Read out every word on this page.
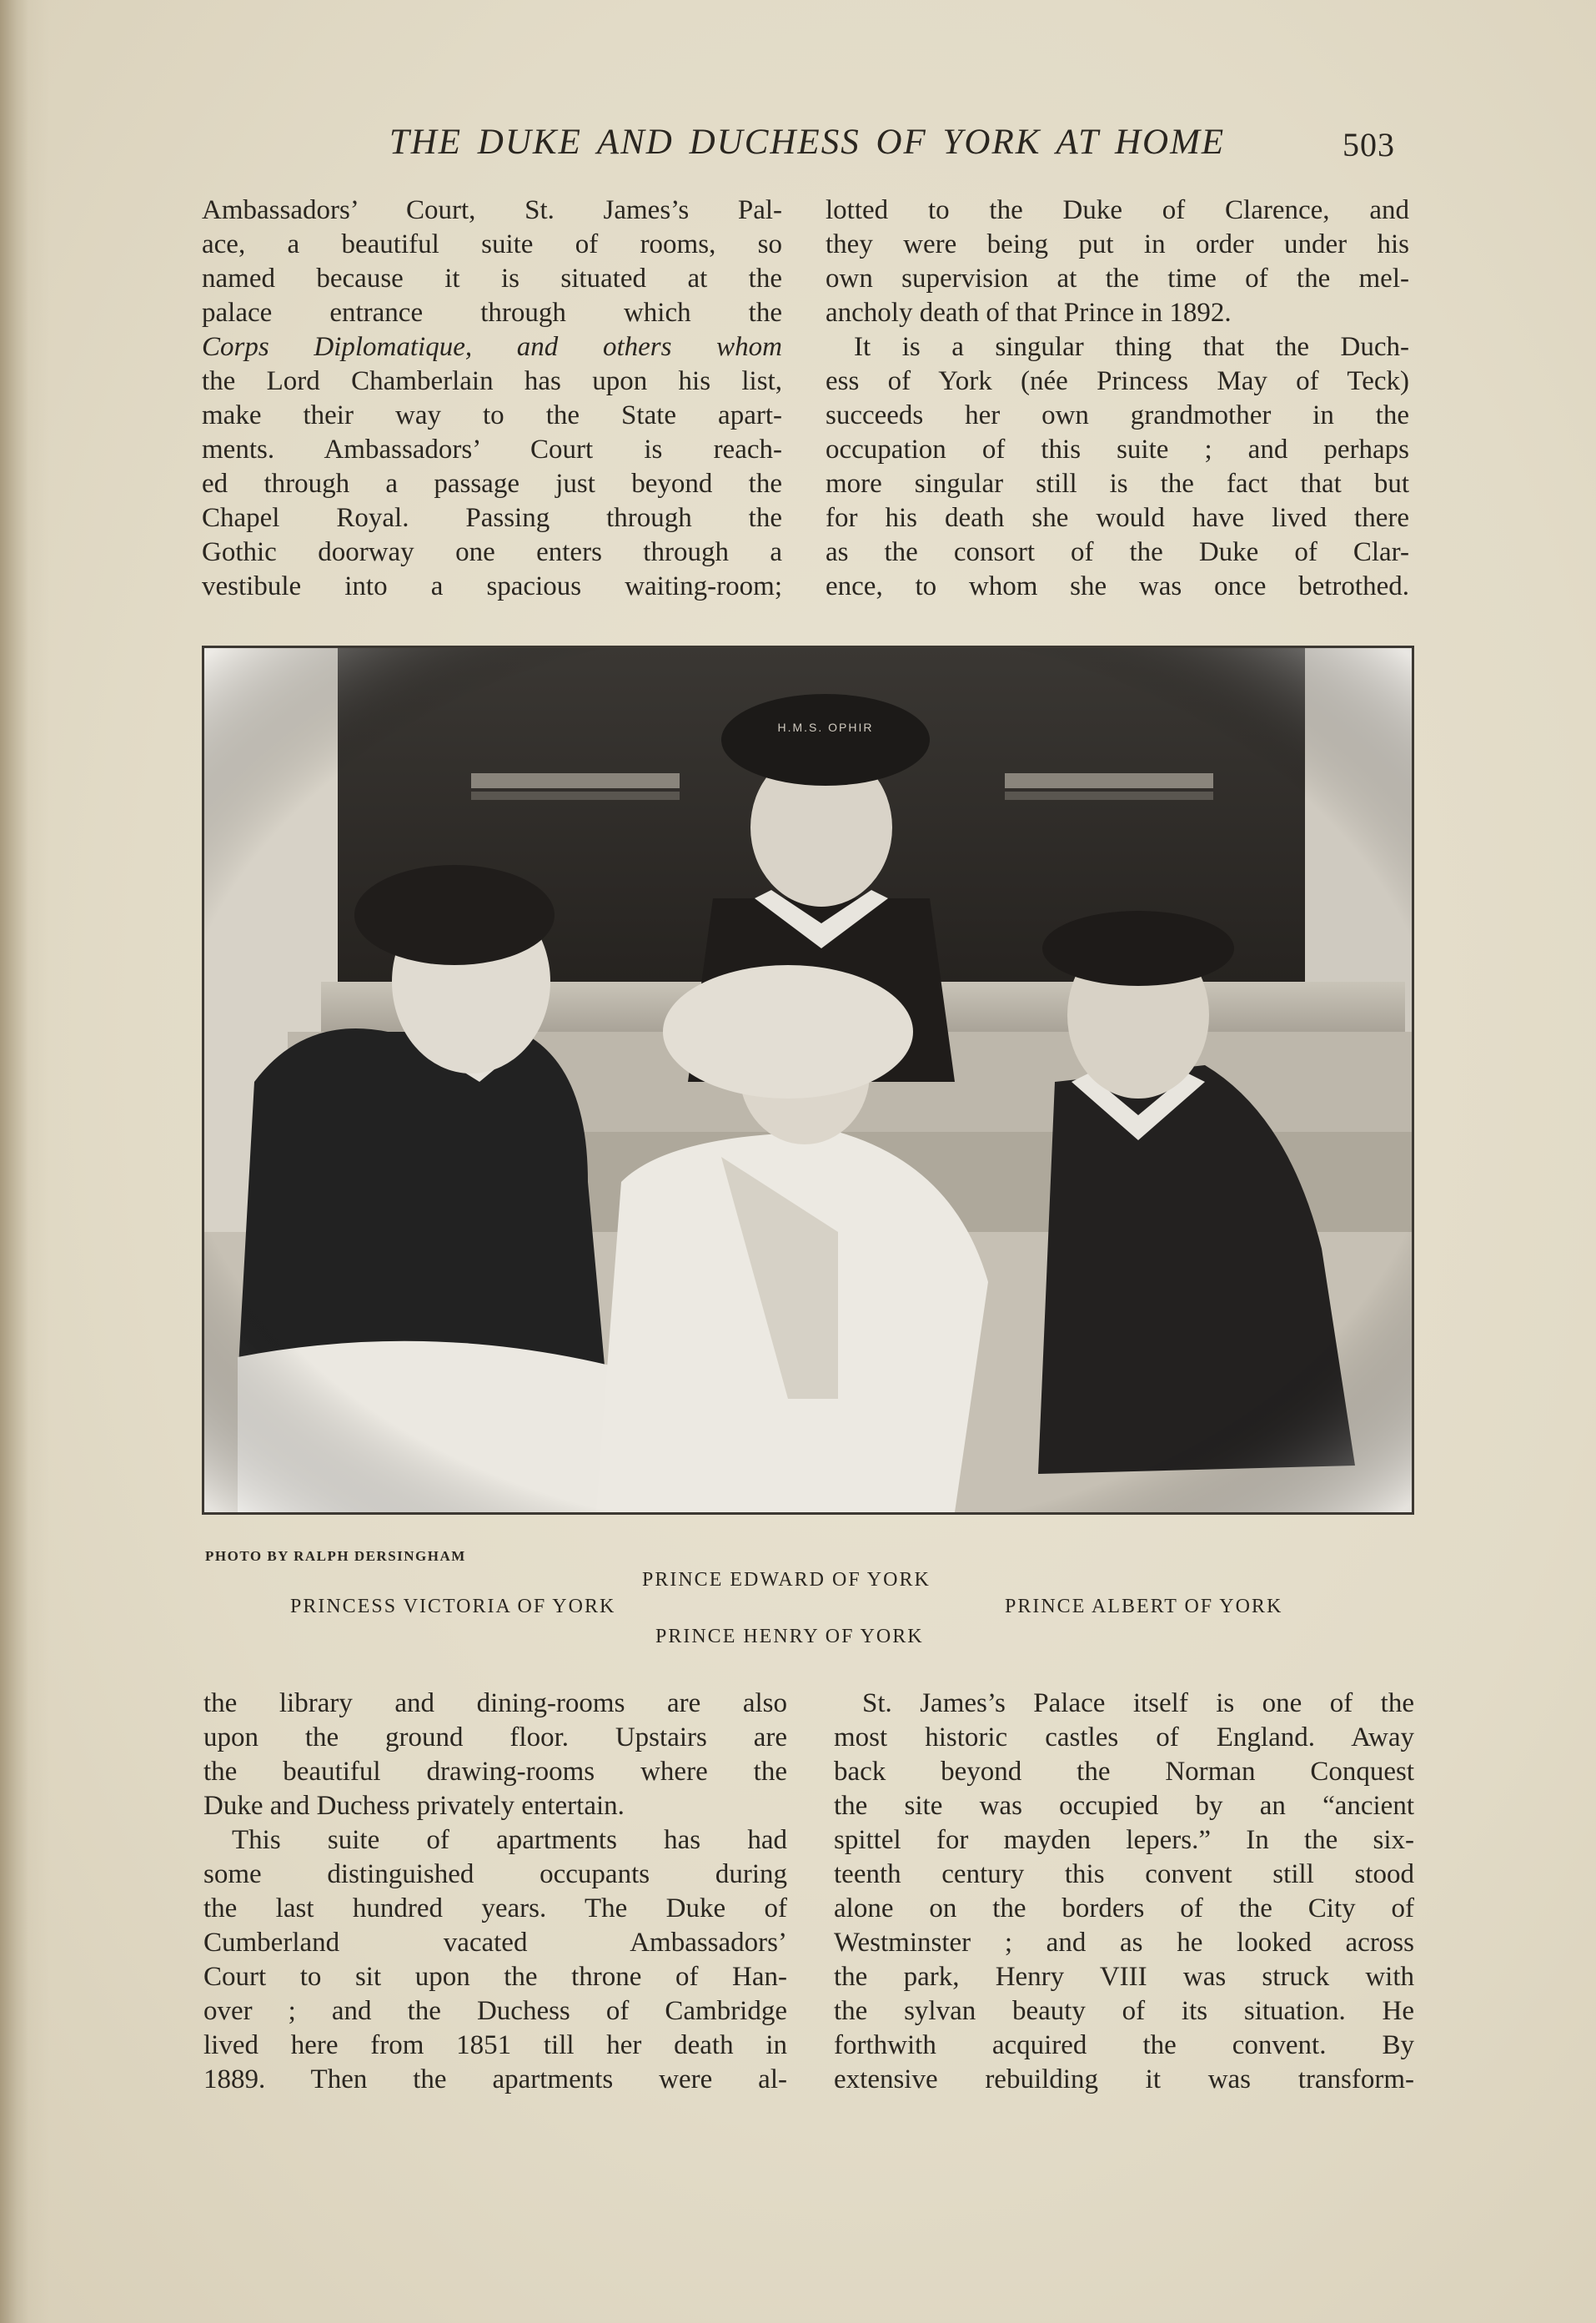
THE DUKE AND DUCHESS OF YORK AT HOME	503
Ambassadors’ Court, St. James’s Pal-
ace, a beautiful suite of rooms, so
named because it is situated at the
palace entrance through which the
Corps Diplomatique, and others whom
the Lord Chamberlain has upon his list,
make their way to the State apart-
ments. Ambassadors’ Court is reach-
ed through a passage just beyond the
Chapel Royal. Passing through the
Gothic doorway one enters through a
vestibule into a spacious waiting-room;
lotted to the Duke of Clarence, and
they were being put in order under his
own supervision at the time of the mel-
ancholy death of that Prince in 1892.
It is a singular thing that the Duch-
ess of York (née Princess May of Teck)
succeeds her own grandmother in the
occupation of this suite ; and perhaps
more singular still is the fact that but
for his death she would have lived there
as the consort of the Duke of Clar-
ence, to whom she was once betrothed.
PHOTO BY RALPH DERSINGHAM
PRINCE EDWARD OF YORK
PRINCESS VICTORIA OF YORK	PRINCE ALBERT OF YORK
PRINCE HENRY OF YORK
the library and dining-rooms are also
upon the ground floor. Upstairs are
the beautiful drawing-rooms where the
Duke and Duchess privately entertain.
This suite of apartments has had
some distinguished occupants during
the last hundred years. The Duke of
Cumberland vacated Ambassadors’
Court to sit upon the throne of Han-
over ; and the Duchess of Cambridge
lived here from 1851 till her death in
1889. Then the apartments were al-
St. James’s Palace itself is one of the
most historic castles of England. Away
back beyond the Norman Conquest
the site was occupied by an “ancient
spittel for mayden lepers.” In the six-
teenth century this convent still stood
alone on the borders of the City of
Westminster ; and as he looked across
the park, Henry VIII was struck with
the sylvan beauty of its situation. He
forthwith acquired the convent. By
extensive rebuilding it was transform-
